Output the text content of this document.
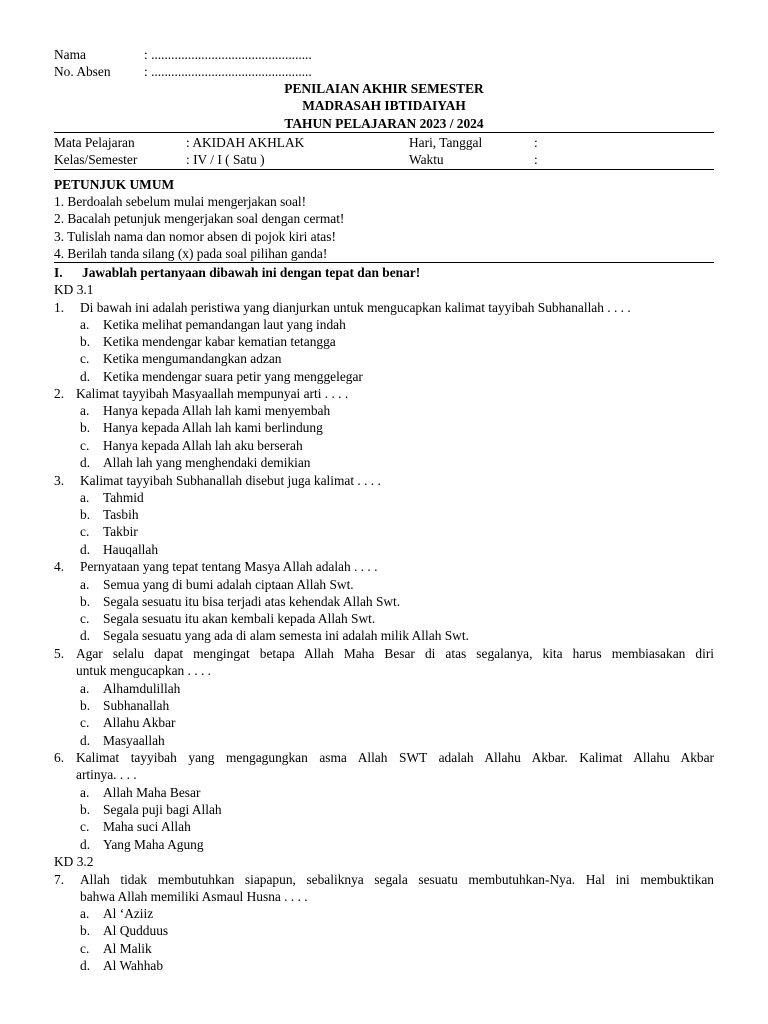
Nama	: ................................................
No. Absen : ................................................
PENILAIAN AKHIR SEMESTER
MADRASAH IBTIDAIYAH
TAHUN PELAJARAN 2023 / 2024
Mata Pelajaran	: AKIDAH AKHLAK	Hari, Tanggal	:
Kelas/Semester	: IV / I ( Satu )	Waktu	:
PETUNJUK UMUM
1. Berdoalah sebelum mulai mengerjakan soal!
2. Bacalah petunjuk mengerjakan soal dengan cermat!
3. Tulislah nama dan nomor absen di pojok kiri atas!
4. Berilah tanda silang (x) pada soal pilihan ganda!
I. Jawablah pertanyaan dibawah ini dengan tepat dan benar!
KD 3.1
1. Di bawah ini adalah peristiwa yang dianjurkan untuk mengucapkan kalimat tayyibah Subhanallah . . . .
a. Ketika melihat pemandangan laut yang indah
b. Ketika mendengar kabar kematian tetangga
c. Ketika mengumandangkan adzan
d. Ketika mendengar suara petir yang menggelegar
2. Kalimat tayyibah Masyaallah mempunyai arti . . . .
a. Hanya kepada Allah lah kami menyembah
b. Hanya kepada Allah lah kami berlindung
c. Hanya kepada Allah lah aku berserah
d. Allah lah yang menghendaki demikian
3. Kalimat tayyibah Subhanallah disebut juga kalimat . . . .
a. Tahmid
b. Tasbih
c. Takbir
d. Hauqallah
4. Pernyataan yang tepat tentang Masya Allah adalah . . . .
a. Semua yang di bumi adalah ciptaan Allah Swt.
b. Segala sesuatu itu bisa terjadi atas kehendak Allah Swt.
c. Segala sesuatu itu akan kembali kepada Allah Swt.
d. Segala sesuatu yang ada di alam semesta ini adalah milik Allah Swt.
5. Agar selalu dapat mengingat betapa Allah Maha Besar di atas segalanya, kita harus membiasakan diri
untuk mengucapkan . . . .
a. Alhamdulillah
b. Subhanallah
c. Allahu Akbar
d. Masyaallah
6. Kalimat tayyibah yang mengagungkan asma Allah SWT adalah Allahu Akbar. Kalimat Allahu Akbar
artinya. . . .
a. Allah Maha Besar
b. Segala puji bagi Allah
c. Maha suci Allah
d. Yang Maha Agung
KD 3.2
7. Allah tidak membutuhkan siapapun, sebaliknya segala sesuatu membutuhkan-Nya. Hal ini membuktikan
bahwa Allah memiliki Asmaul Husna . . . .
a. Al ‘Aziiz
b. Al Qudduus
c. Al Malik
d. Al Wahhab
